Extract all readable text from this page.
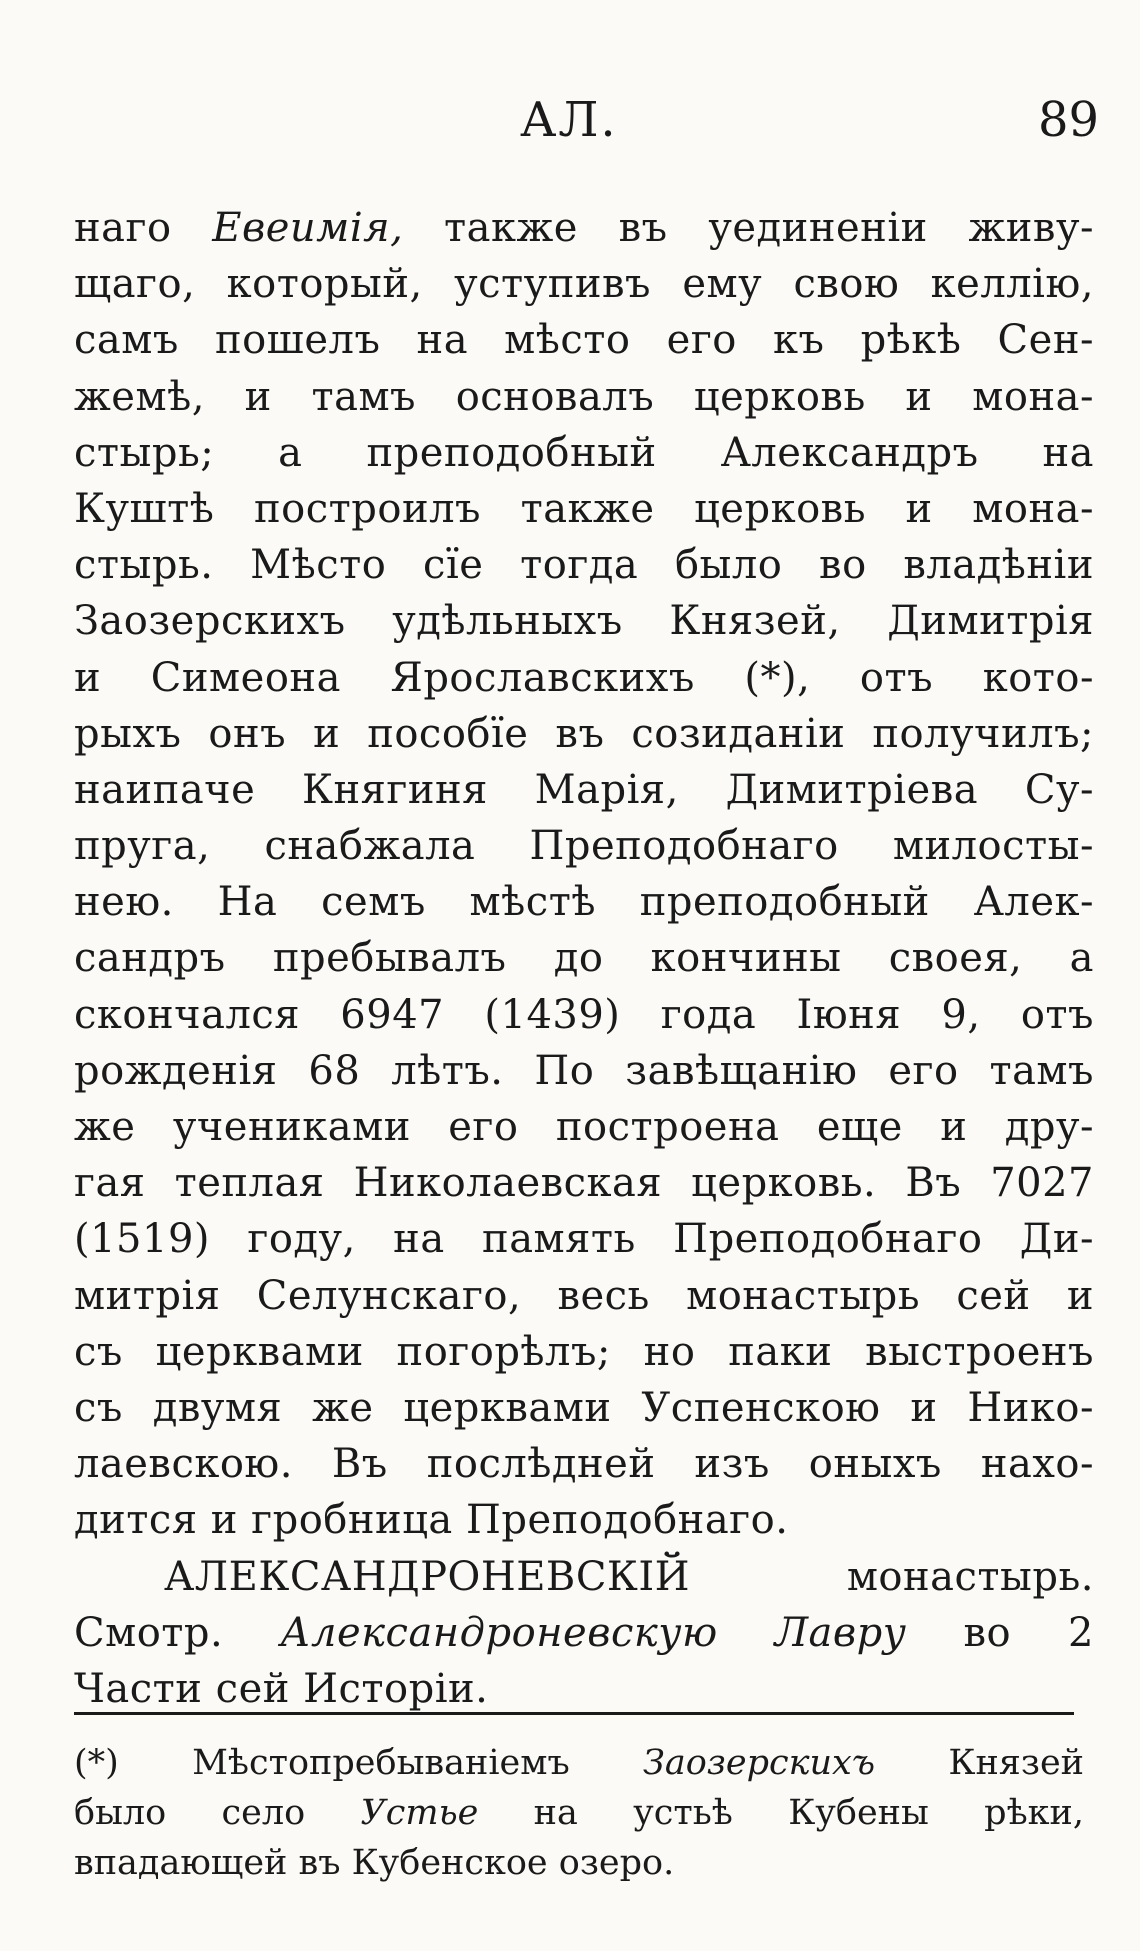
АЛ.	89
наго Евеимія, также въ уединеніи живу-
щаго, который, уступивъ ему свою келлію,
самъ пошелъ на мѣсто его къ рѣкѣ Сен-
жемѣ, и тамъ основалъ церковь и мона-
стырь; а преподобный Александръ на
Куштѣ построилъ также церковь и мона-
стырь. Мѣсто сїе тогда было во владѣніи
Заозерскихъ удѣльныхъ Князей, Димитрія
и Симеона Ярославскихъ (*), отъ кото-
рыхъ онъ и пособїе въ созиданіи получилъ;
наипаче Княгиня Марія, Димитріева Су-
пруга, снабжала Преподобнаго милосты-
нею. На семъ мѣстѣ преподобный Алек-
сандръ пребывалъ до кончины своея, а
скончался 6947 (1439) года Іюня 9, отъ
рожденія 68 лѣтъ. По завѣщанію его тамъ
же учениками его построена еще и дру-
гая теплая Николаевская церковь. Въ 7027
(1519) году, на память Преподобнаго Ди-
митрія Селунскаго, весь монастырь сей и
съ церквами погорѣлъ; но паки выстроенъ
съ двумя же церквами Успенскою и Нико-
лаевскою. Въ послѣдней изъ оныхъ нахо-
дится и гробница Преподобнаго.
АЛЕКСАНДРОНЕВСКІЙ монастырь.
Смотр. Александроневскую Лавру во 2
Части сей Исторіи.
(*) Мѣстопребываніемъ Заозерскихъ Князей
было село Устье на устьѣ Кубены рѣки,
впадающей въ Кубенское озеро.
